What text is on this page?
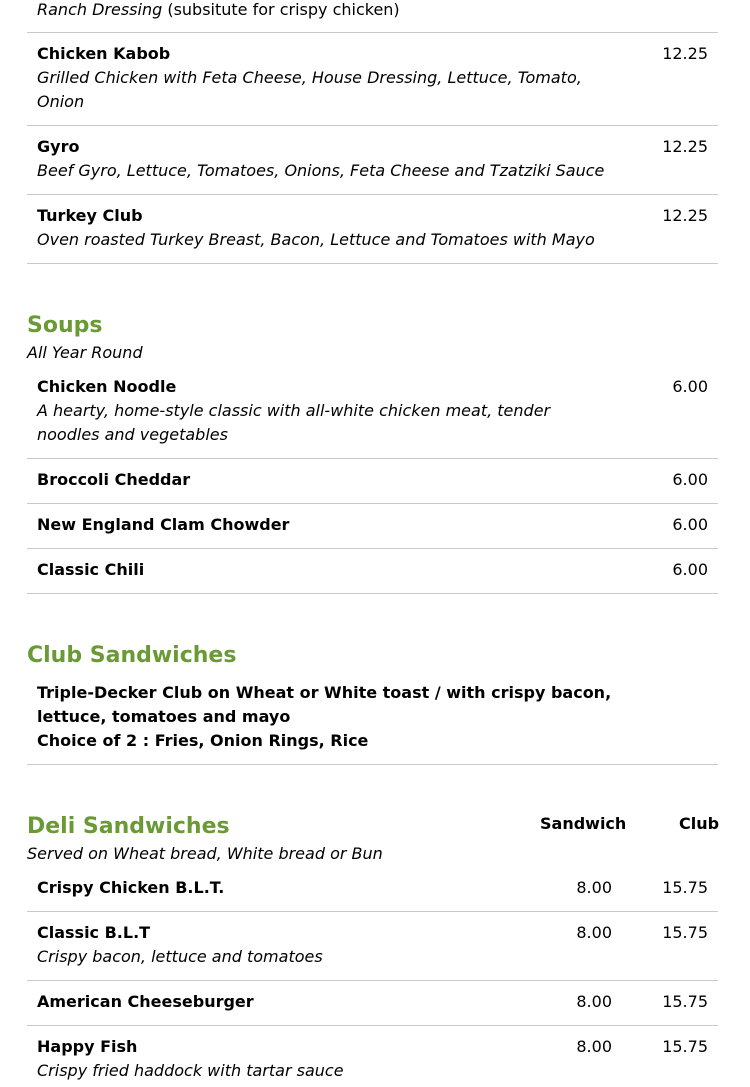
Ranch Dressing (subsitute for crispy chicken)
Chicken Kabob
Grilled Chicken with Feta Cheese, House Dressing, Lettuce, Tomato, Onion
12.25
Gyro
Beef Gyro, Lettuce, Tomatoes, Onions, Feta Cheese and Tzatziki Sauce
12.25
Turkey Club
Oven roasted Turkey Breast, Bacon, Lettuce and Tomatoes with Mayo
12.25
Soups
All Year Round
Chicken Noodle
A hearty, home-style classic with all-white chicken meat, tender noodles and vegetables
6.00
Broccoli Cheddar	6.00
New England Clam Chowder	6.00
Classic Chili	6.00
Club Sandwiches
Triple-Decker Club on Wheat or White toast / with crispy bacon, lettuce, tomatoes and mayo
Choice of 2 : Fries, Onion Rings, Rice
Deli Sandwiches	Sandwich	Club
Served on Wheat bread, White bread or Bun
Crispy Chicken B.L.T.	8.00	15.75
Classic B.L.T
Crispy bacon, lettuce and tomatoes
8.00	15.75
American Cheeseburger	8.00	15.75
Happy Fish
Crispy fried haddock with tartar sauce
8.00	15.75
